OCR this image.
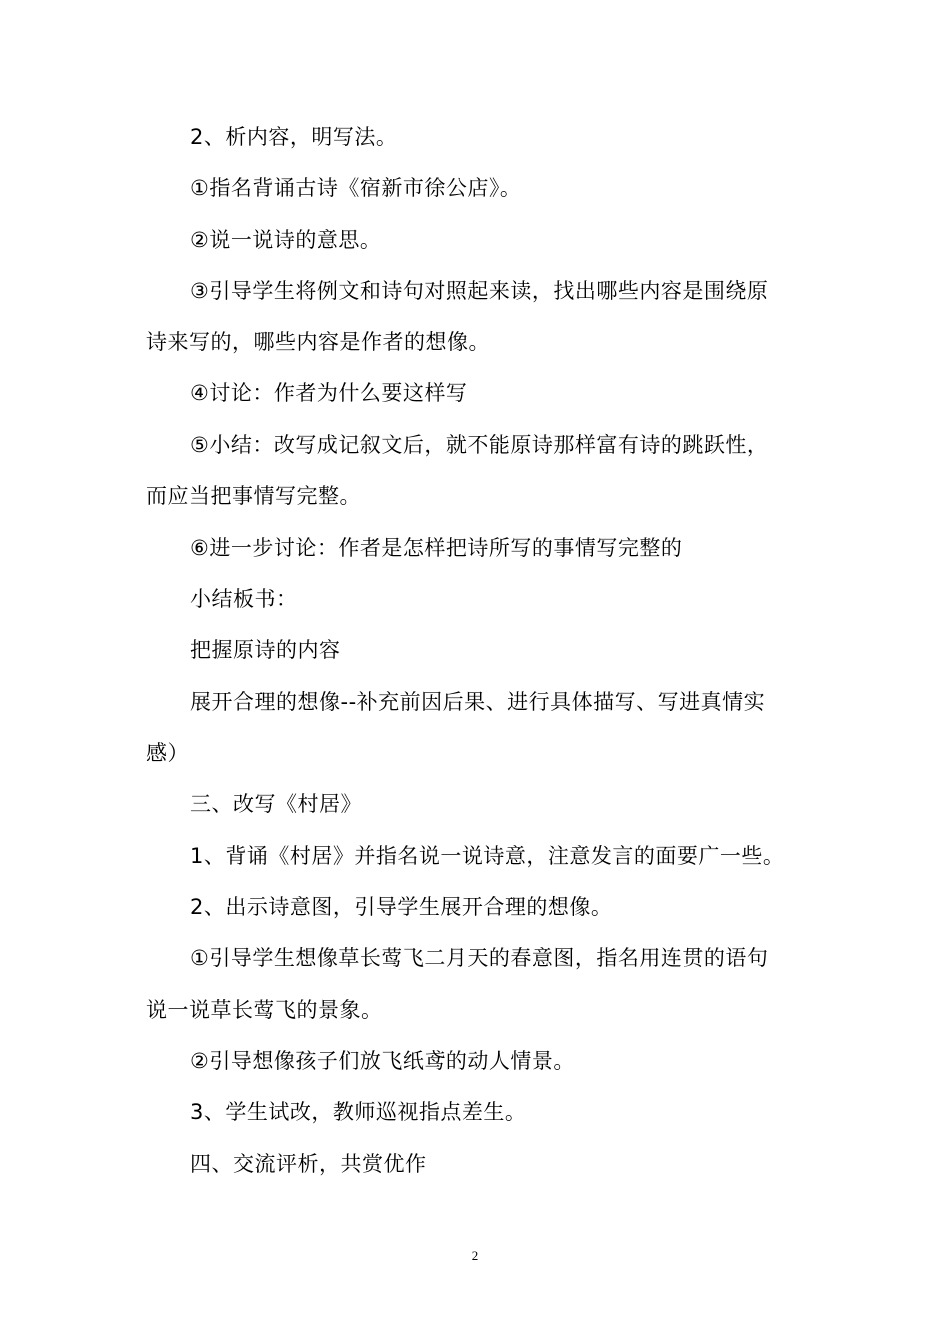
2、析内容，明写法。
①指名背诵古诗《宿新市徐公店》。
②说一说诗的意思。
③引导学生将例文和诗句对照起来读，找出哪些内容是围绕原
诗来写的，哪些内容是作者的想像。
④讨论：作者为什么要这样写
⑤小结：改写成记叙文后，就不能原诗那样富有诗的跳跃性，
而应当把事情写完整。
⑥进一步讨论：作者是怎样把诗所写的事情写完整的
小结板书：
把握原诗的内容
展开合理的想像--补充前因后果、进行具体描写、写进真情实
感）
三、改写《村居》
1、背诵《村居》并指名说一说诗意，注意发言的面要广一些。
2、出示诗意图，引导学生展开合理的想像。
①引导学生想像草长莺飞二月天的春意图，指名用连贯的语句
说一说草长莺飞的景象。
②引导想像孩子们放飞纸鸢的动人情景。
3、学生试改，教师巡视指点差生。
四、交流评析，共赏优作
2
